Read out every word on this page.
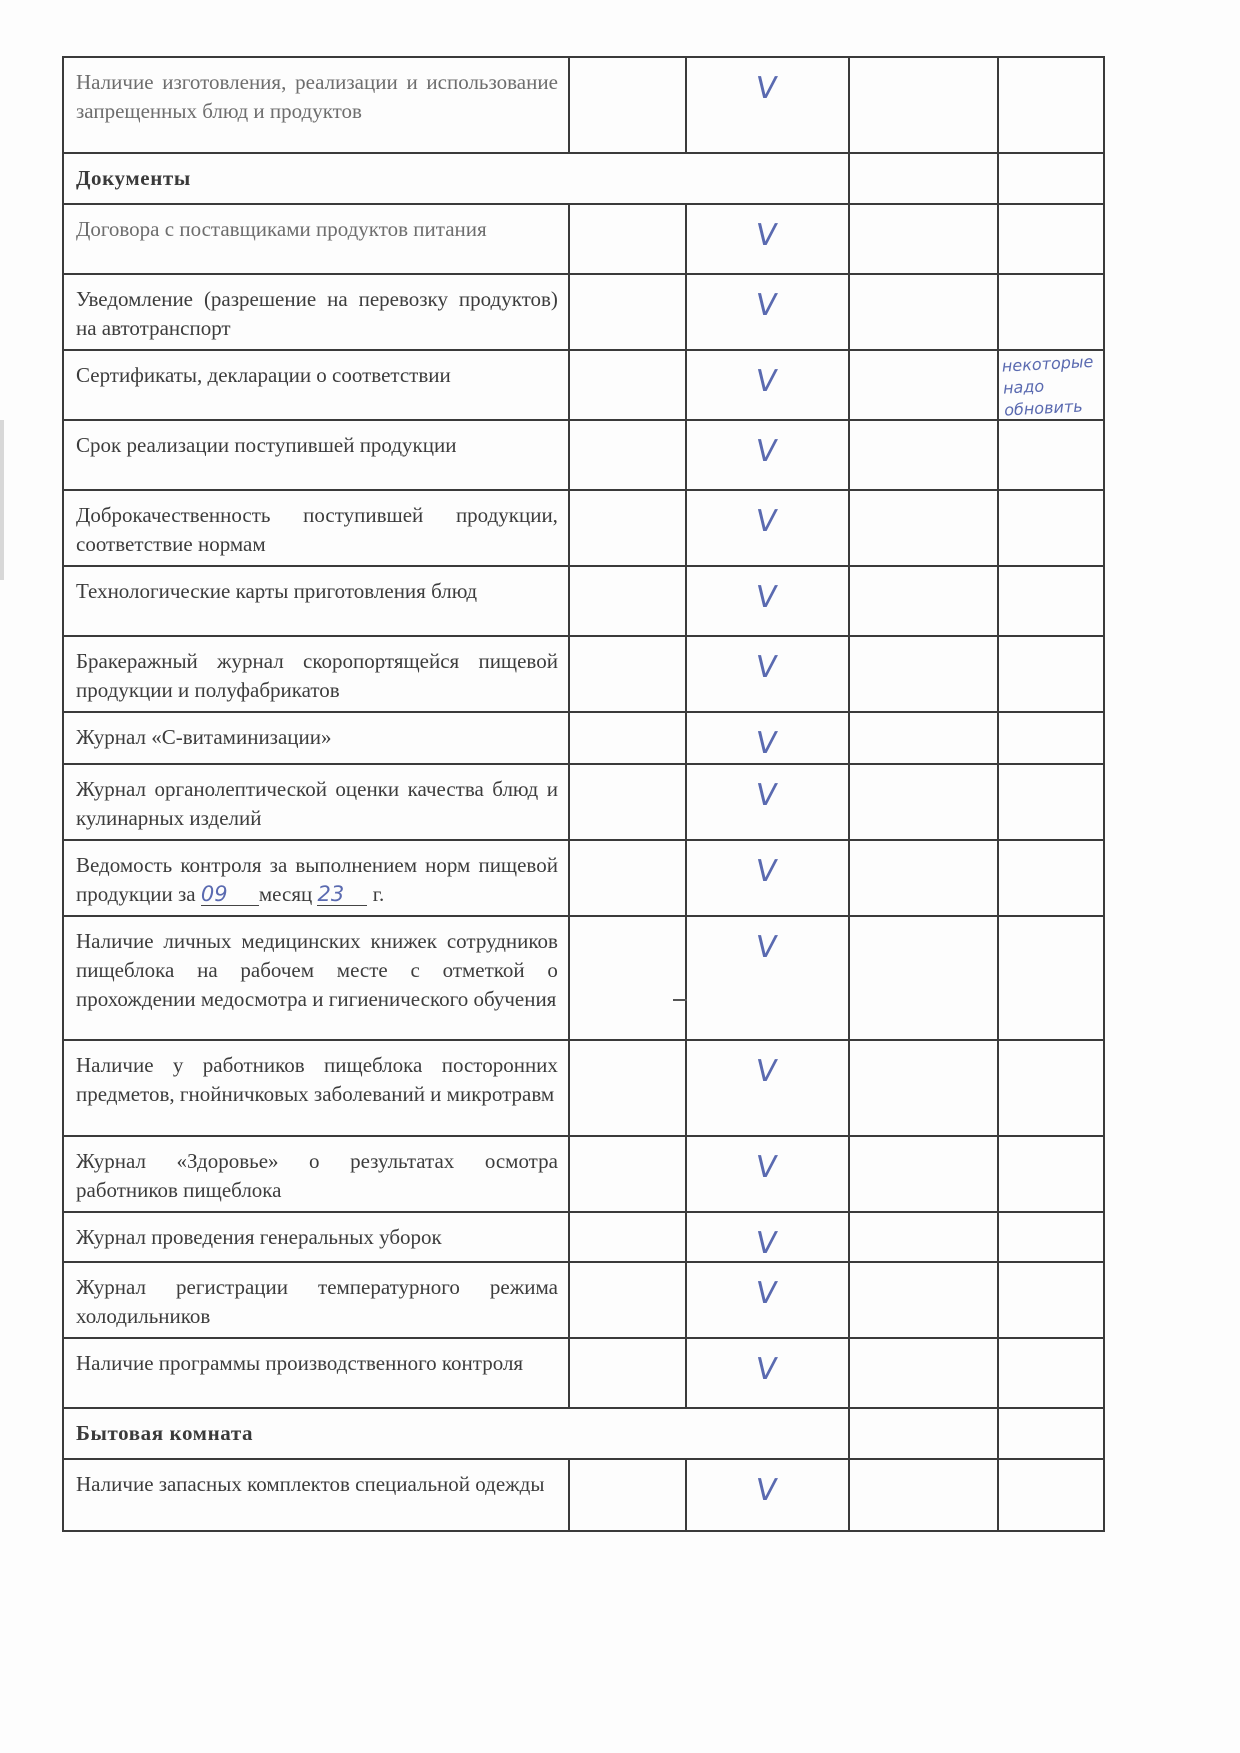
Наличие изготовления, реализации и использование запрещенных блюд и продуктов		V		

Документы				
Договора с поставщиками продуктов питания		V		

Уведомление (разрешение на перевозку продуктов) на автотранспорт		V		

Сертификаты, декларации о соответствии		V		некоторые надо обновить

Срок реализации поступившей продукции		V		

Доброкачественность поступившей продукции, соответствие нормам		V		

Технологические карты приготовления блюд		V		

Бракеражный журнал скоропортящейся пищевой продукции и полуфабрикатов		V		

Журнал «С-витаминизации»		V		

Журнал органолептической оценки качества блюд и кулинарных изделий		V		

Ведомость контроля за выполнением норм пищевой продукции за 09 месяц 23 г.		V		

Наличие личных медицинских книжек сотрудников пищеблока на рабочем месте с отметкой о прохождении медосмотра и гигиенического обучения		V		

Наличие у работников пищеблока посторонних предметов, гнойничковых заболеваний и микротравм		V		

Журнал «Здоровье» о результатах осмотра работников пищеблока		V		

Журнал проведения генеральных уборок		V		

Журнал регистрации температурного режима холодильников		V		

Наличие программы производственного контроля		V		

Бытовая комната				
Наличие запасных комплектов специальной одежды		V		
